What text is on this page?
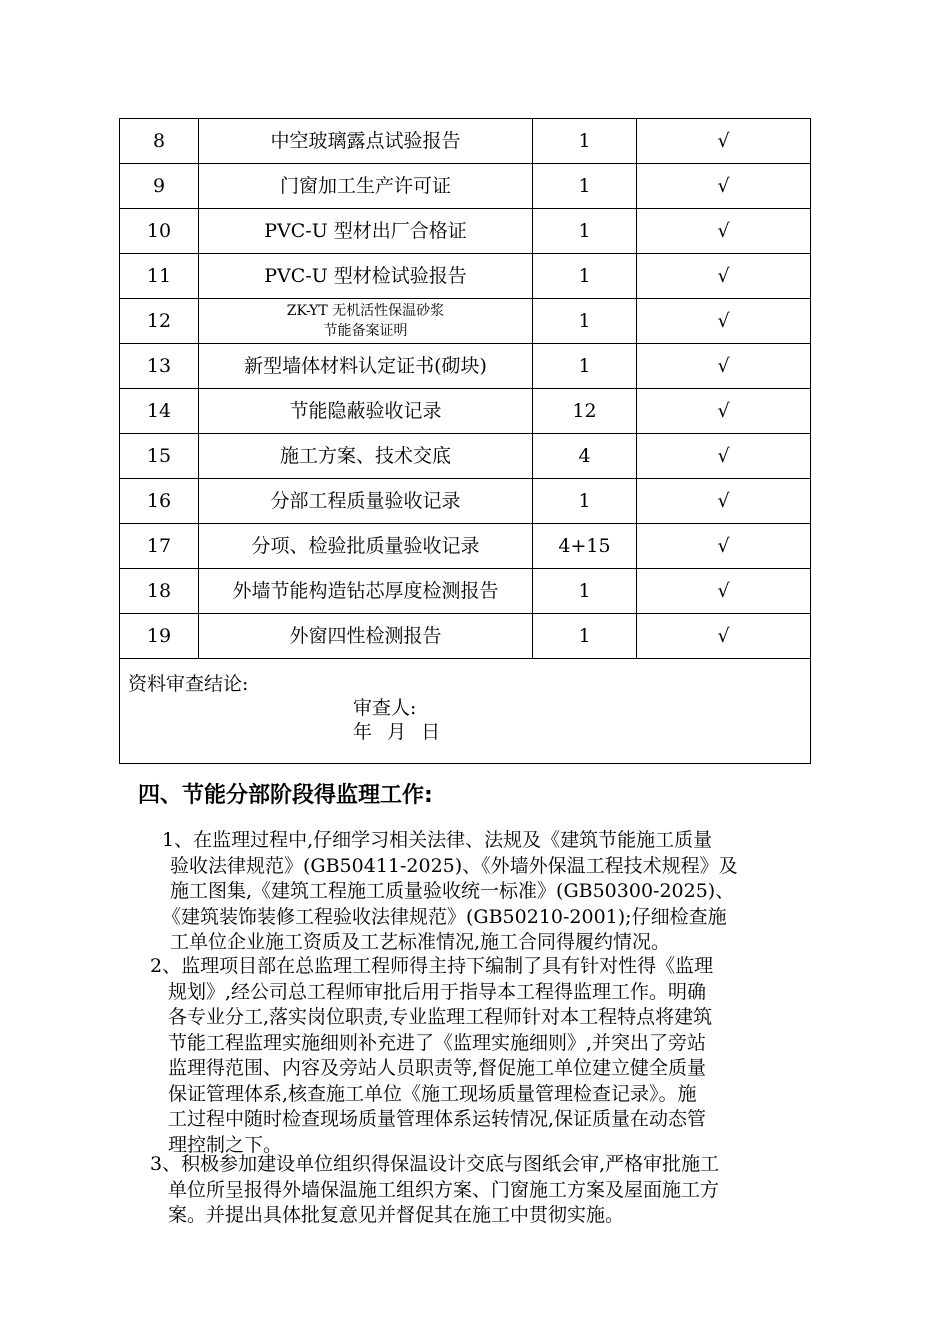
8	中空玻璃露点试验报告	1	√
9	门窗加工生产许可证	1	√
10	PVC-U 型材出厂合格证	1	√
11	PVC-U 型材检试验报告	1	√
12	ZK-YT 无机活性保温砂浆
节能备案证明	1	√
13	新型墙体材料认定证书(砌块)	1	√
14	节能隐蔽验收记录	12	√
15	施工方案、技术交底	4	√
16	分部工程质量验收记录	1	√
17	分项、检验批质量验收记录	4+15	√
18	外墙节能构造钻芯厚度检测报告	1	√
19	外窗四性检测报告	1	√

资料审查结论:
审查人:
年  月  日			
四、节能分部阶段得监理工作:
1、在监理过程中,仔细学习相关法律、法规及《建筑节能施工质量
验收法律规范》(GB50411-2025)、《外墙外保温工程技术规程》及
施工图集,《建筑工程施工质量验收统一标准》(GB50300-2025)、
《建筑装饰装修工程验收法律规范》(GB50210-2001);仔细检查施
工单位企业施工资质及工艺标准情况,施工合同得履约情况。
2、监理项目部在总监理工程师得主持下编制了具有针对性得《监理
规划》,经公司总工程师审批后用于指导本工程得监理工作。明确
各专业分工,落实岗位职责,专业监理工程师针对本工程特点将建筑
节能工程监理实施细则补充进了《监理实施细则》,并突出了旁站
监理得范围、内容及旁站人员职责等,督促施工单位建立健全质量
保证管理体系,核查施工单位《施工现场质量管理检查记录》。施
工过程中随时检查现场质量管理体系运转情况,保证质量在动态管
理控制之下。
3、积极参加建设单位组织得保温设计交底与图纸会审,严格审批施工
单位所呈报得外墙保温施工组织方案、门窗施工方案及屋面施工方
案。并提出具体批复意见并督促其在施工中贯彻实施。
